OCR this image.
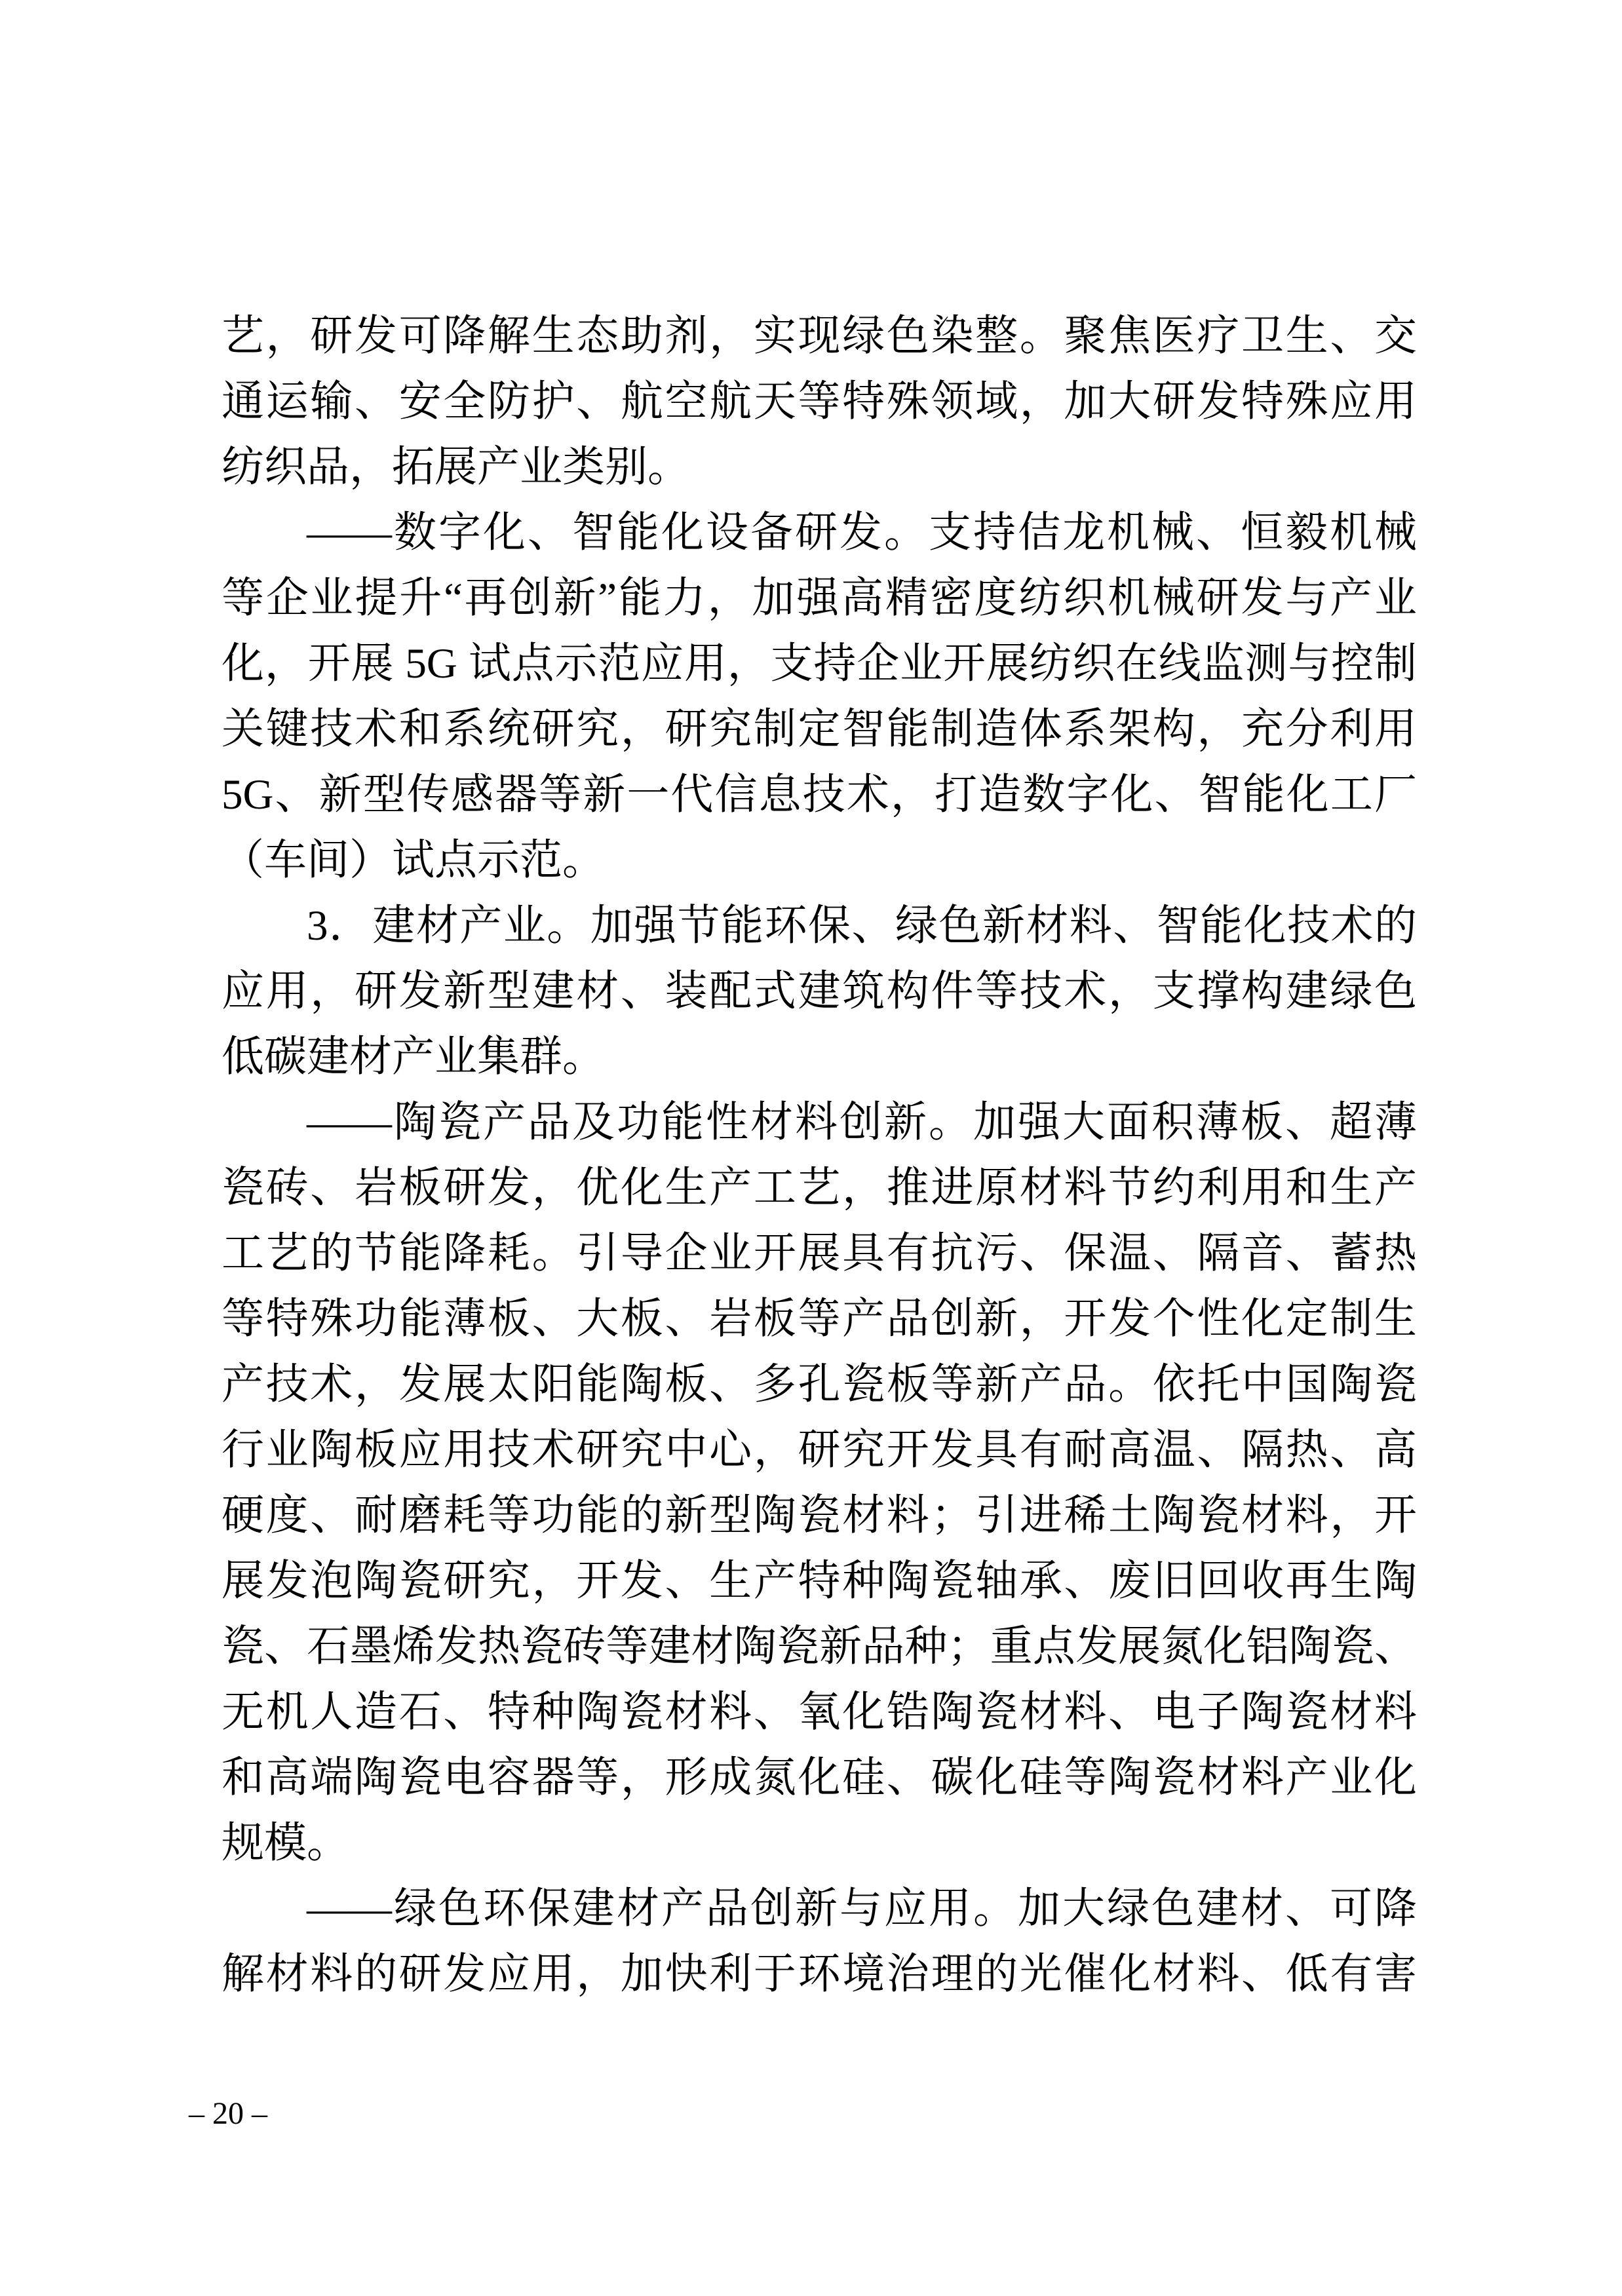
艺，研发可降解生态助剂，实现绿色染整。聚焦医疗卫生、交
通运输、安全防护、航空航天等特殊领域，加大研发特殊应用
纺织品，拓展产业类别。
——数字化、智能化设备研发。支持佶龙机械、恒毅机械
等企业提升“再创新”能力，加强高精密度纺织机械研发与产业
化，开展 5G 试点示范应用，支持企业开展纺织在线监测与控制
关键技术和系统研究，研究制定智能制造体系架构，充分利用
5G、新型传感器等新一代信息技术，打造数字化、智能化工厂
（车间）试点示范。
3．建材产业。加强节能环保、绿色新材料、智能化技术的
应用，研发新型建材、装配式建筑构件等技术，支撑构建绿色
低碳建材产业集群。
——陶瓷产品及功能性材料创新。加强大面积薄板、超薄
瓷砖、岩板研发，优化生产工艺，推进原材料节约利用和生产
工艺的节能降耗。引导企业开展具有抗污、保温、隔音、蓄热
等特殊功能薄板、大板、岩板等产品创新，开发个性化定制生
产技术，发展太阳能陶板、多孔瓷板等新产品。依托中国陶瓷
行业陶板应用技术研究中心，研究开发具有耐高温、隔热、高
硬度、耐磨耗等功能的新型陶瓷材料；引进稀土陶瓷材料，开
展发泡陶瓷研究，开发、生产特种陶瓷轴承、废旧回收再生陶
瓷、石墨烯发热瓷砖等建材陶瓷新品种；重点发展氮化铝陶瓷、
无机人造石、特种陶瓷材料、氧化锆陶瓷材料、电子陶瓷材料
和高端陶瓷电容器等，形成氮化硅、碳化硅等陶瓷材料产业化
规模。
——绿色环保建材产品创新与应用。加大绿色建材、可降
解材料的研发应用，加快利于环境治理的光催化材料、低有害
– 20 –
